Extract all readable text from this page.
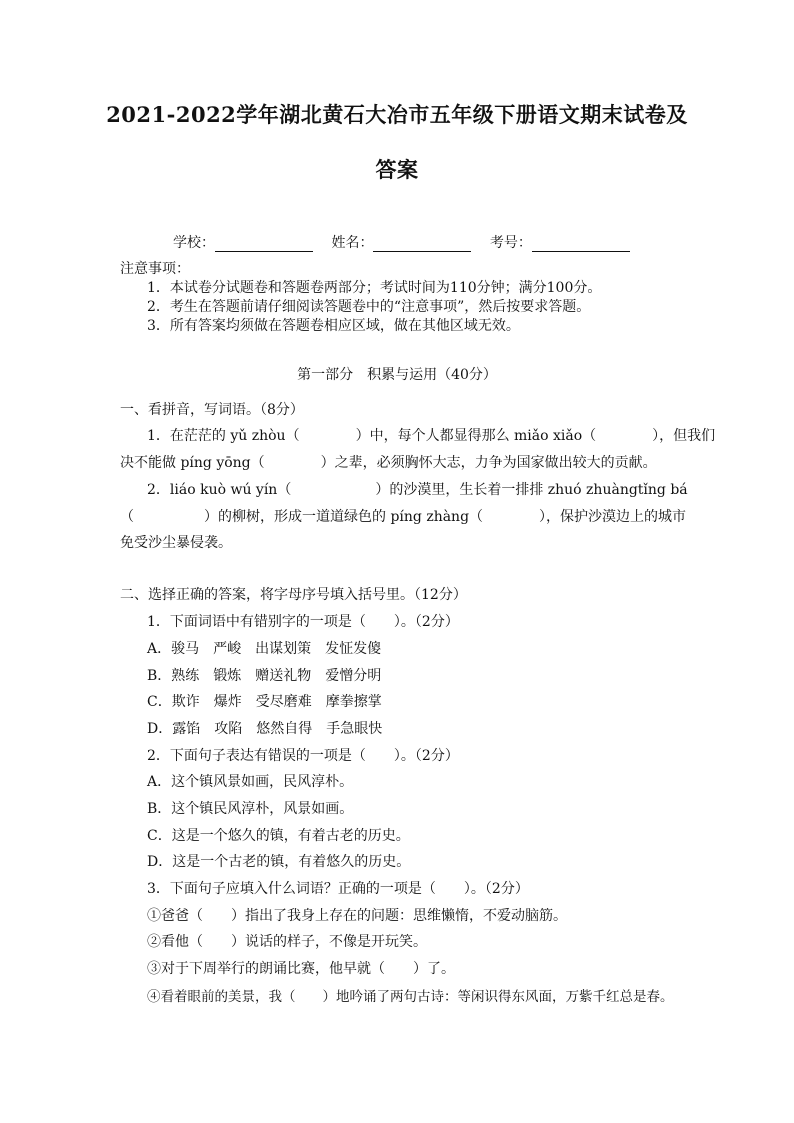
2021-2022学年湖北黄石大冶市五年级下册语文期末试卷及
答案
学校：	姓名：	考号：
注意事项：
1．本试卷分试题卷和答题卷两部分；考试时间为110分钟；满分100分。
2．考生在答题前请仔细阅读答题卷中的“注意事项”，然后按要求答题。
3．所有答案均须做在答题卷相应区域，做在其他区域无效。
第一部分　积累与运用（40分）
一、看拼音，写词语。（8分）
1．在茫茫的 yǔ zhòu（　　　　）中，每个人都显得那么 miǎo xiǎo（　　　　），但我们
决不能做 píng yōng（　　　　）之辈，必须胸怀大志，力争为国家做出较大的贡献。
2．liáo kuò wú yín（　　　　　　）的沙漠里，生长着一排排 zhuó zhuàngtǐng bá
（　　　　　）的柳树，形成一道道绿色的 píng zhàng（　　　　），保护沙漠边上的城市
免受沙尘暴侵袭。
二、选择正确的答案，将字母序号填入括号里。（12分）
1．下面词语中有错别字的一项是（　　）。（2分）
A．骏马　严峻　出谋划策　发怔发傻
B．熟练　锻炼　赠送礼物　爱憎分明
C．欺诈　爆炸　受尽磨难　摩拳擦掌
D．露馅　攻陷　悠然自得　手急眼快
2．下面句子表达有错误的一项是（　　）。（2分）
A．这个镇风景如画，民风淳朴。
B．这个镇民风淳朴，风景如画。
C．这是一个悠久的镇，有着古老的历史。
D．这是一个古老的镇，有着悠久的历史。
3．下面句子应填入什么词语？正确的一项是（　　）。（2分）
①爸爸（　　）指出了我身上存在的问题：思维懒惰，不爱动脑筋。
②看他（　　）说话的样子，不像是开玩笑。
③对于下周举行的朗诵比赛，他早就（　　）了。
④看着眼前的美景，我（　　）地吟诵了两句古诗：等闲识得东风面，万紫千红总是春。
